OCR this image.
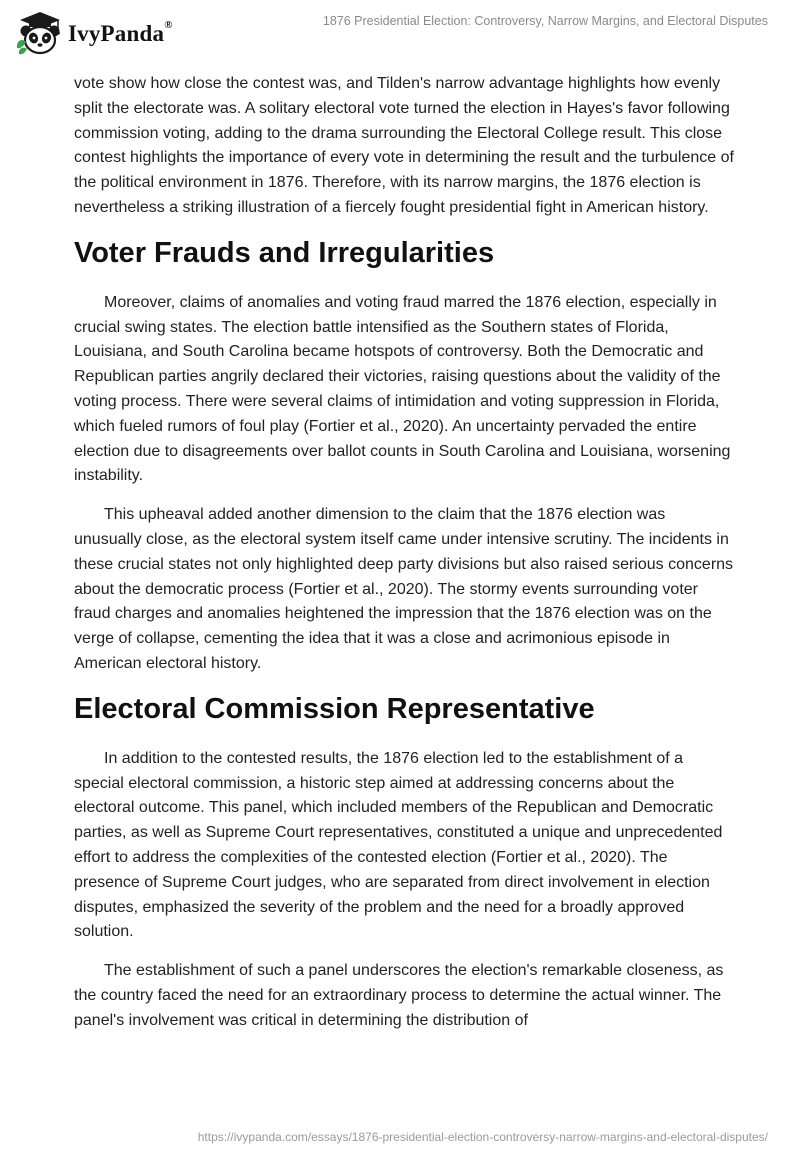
IvyPanda®	1876 Presidential Election: Controversy, Narrow Margins, and Electoral Disputes

vote show how close the contest was, and Tilden's narrow advantage highlights how evenly split the electorate was. A solitary electoral vote turned the election in Hayes's favor following commission voting, adding to the drama surrounding the Electoral College result. This close contest highlights the importance of every vote in determining the result and the turbulence of the political environment in 1876. Therefore, with its narrow margins, the 1876 election is nevertheless a striking illustration of a fiercely fought presidential fight in American history.

Voter Frauds and Irregularities

Moreover, claims of anomalies and voting fraud marred the 1876 election, especially in crucial swing states. The election battle intensified as the Southern states of Florida, Louisiana, and South Carolina became hotspots of controversy. Both the Democratic and Republican parties angrily declared their victories, raising questions about the validity of the voting process. There were several claims of intimidation and voting suppression in Florida, which fueled rumors of foul play (Fortier et al., 2020). An uncertainty pervaded the entire election due to disagreements over ballot counts in South Carolina and Louisiana, worsening instability.

This upheaval added another dimension to the claim that the 1876 election was unusually close, as the electoral system itself came under intensive scrutiny. The incidents in these crucial states not only highlighted deep party divisions but also raised serious concerns about the democratic process (Fortier et al., 2020). The stormy events surrounding voter fraud charges and anomalies heightened the impression that the 1876 election was on the verge of collapse, cementing the idea that it was a close and acrimonious episode in American electoral history.

Electoral Commission Representative

In addition to the contested results, the 1876 election led to the establishment of a special electoral commission, a historic step aimed at addressing concerns about the electoral outcome. This panel, which included members of the Republican and Democratic parties, as well as Supreme Court representatives, constituted a unique and unprecedented effort to address the complexities of the contested election (Fortier et al., 2020). The presence of Supreme Court judges, who are separated from direct involvement in election disputes, emphasized the severity of the problem and the need for a broadly approved solution.

The establishment of such a panel underscores the election's remarkable closeness, as the country faced the need for an extraordinary process to determine the actual winner. The panel's involvement was critical in determining the distribution of

https://ivypanda.com/essays/1876-presidential-election-controversy-narrow-margins-and-electoral-disputes/
